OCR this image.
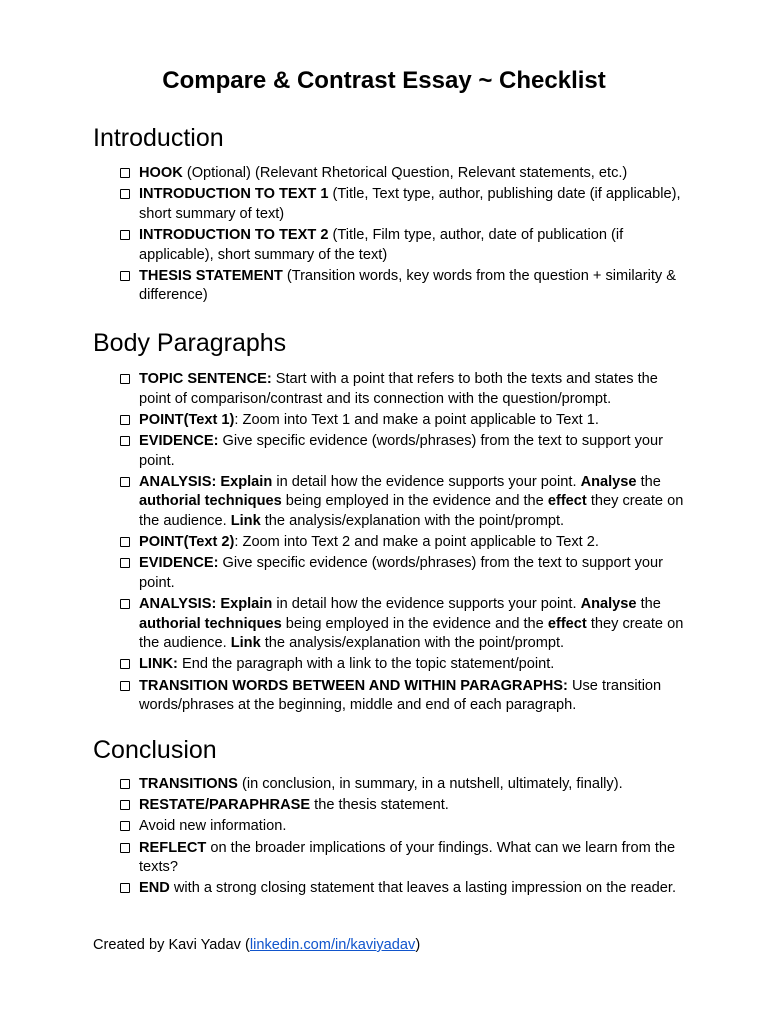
Compare & Contrast Essay ~ Checklist
Introduction
HOOK (Optional) (Relevant Rhetorical Question, Relevant statements, etc.)
INTRODUCTION TO TEXT 1 (Title, Text type, author, publishing date (if applicable), short summary of text)
INTRODUCTION TO TEXT 2 (Title, Film type, author, date of publication (if applicable), short summary of the text)
THESIS STATEMENT (Transition words, key words from the question + similarity & difference)
Body Paragraphs
TOPIC SENTENCE: Start with a point that refers to both the texts and states the point of comparison/contrast and its connection with the question/prompt.
POINT(Text 1): Zoom into Text 1 and make a point applicable to Text 1.
EVIDENCE: Give specific evidence (words/phrases) from the text to support your point.
ANALYSIS: Explain in detail how the evidence supports your point. Analyse the authorial techniques being employed in the evidence and the effect they create on the audience. Link the analysis/explanation with the point/prompt.
POINT(Text 2): Zoom into Text 2 and make a point applicable to Text 2.
EVIDENCE: Give specific evidence (words/phrases) from the text to support your point.
ANALYSIS: Explain in detail how the evidence supports your point. Analyse the authorial techniques being employed in the evidence and the effect they create on the audience. Link the analysis/explanation with the point/prompt.
LINK: End the paragraph with a link to the topic statement/point.
TRANSITION WORDS BETWEEN AND WITHIN PARAGRAPHS: Use transition words/phrases at the beginning, middle and end of each paragraph.
Conclusion
TRANSITIONS (in conclusion, in summary, in a nutshell, ultimately, finally).
RESTATE/PARAPHRASE the thesis statement.
Avoid new information.
REFLECT on the broader implications of your findings. What can we learn from the texts?
END with a strong closing statement that leaves a lasting impression on the reader.
Created by Kavi Yadav (linkedin.com/in/kaviyadav)
